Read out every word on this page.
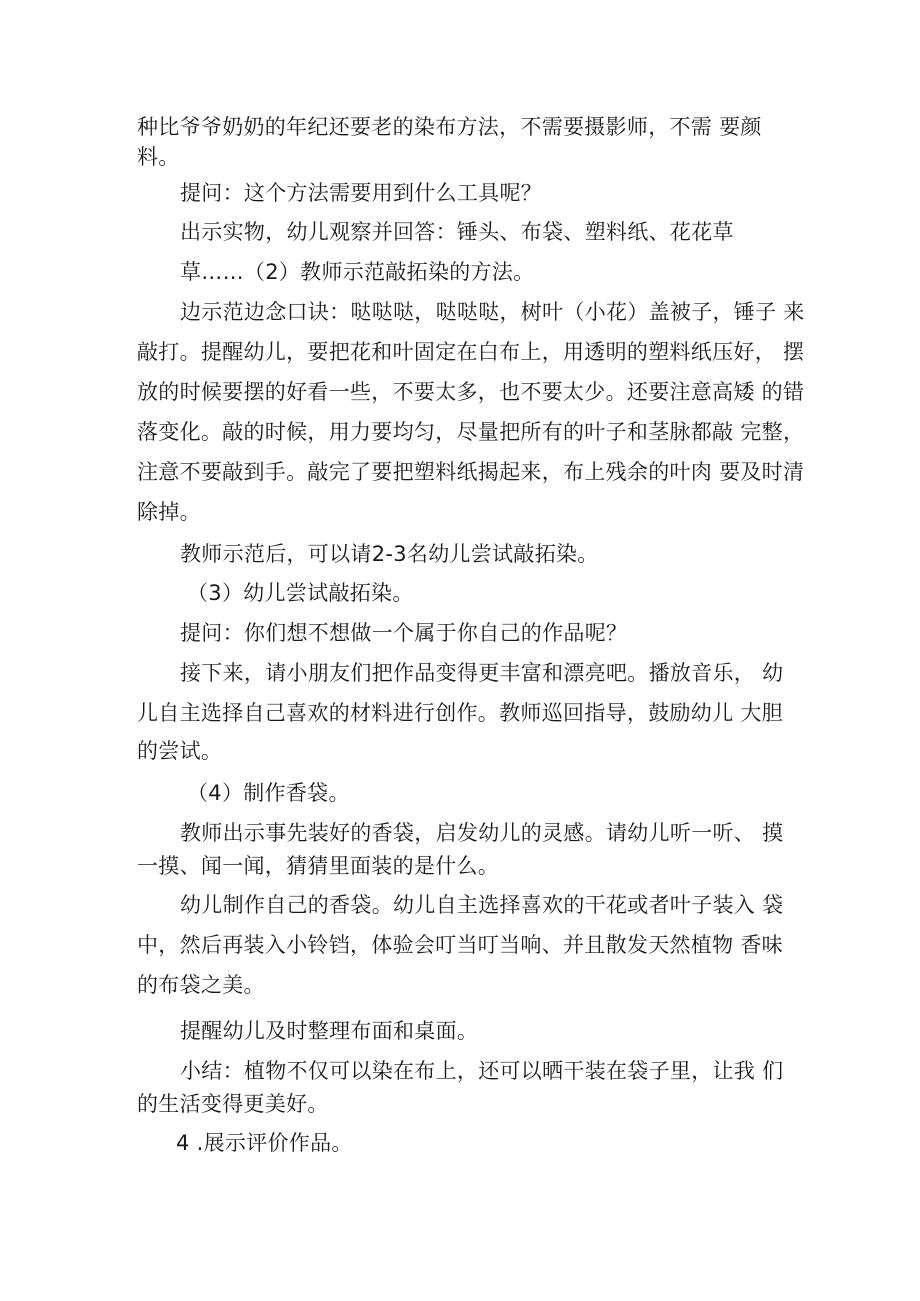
种比爷爷奶奶的年纪还要老的染布方法，不需要摄影师，不需 要颜
料。
提问：这个方法需要用到什么工具呢？
出示实物，幼儿观察并回答：锤头、布袋、塑料纸、花花草
草……（2）教师示范敲拓染的方法。
边示范边念口诀：哒哒哒，哒哒哒，树叶（小花）盖被子，锤子 来
敲打。提醒幼儿，要把花和叶固定在白布上，用透明的塑料纸压好， 摆
放的时候要摆的好看一些，不要太多，也不要太少。还要注意高矮 的错
落变化。敲的时候，用力要均匀，尽量把所有的叶子和茎脉都敲 完整，
注意不要敲到手。敲完了要把塑料纸揭起来，布上残余的叶肉 要及时清
除掉。
教师示范后，可以请2-3名幼儿尝试敲拓染。
（3）幼儿尝试敲拓染。
提问：你们想不想做一个属于你自己的作品呢？
接下来，请小朋友们把作品变得更丰富和漂亮吧。播放音乐， 幼
儿自主选择自己喜欢的材料进行创作。教师巡回指导，鼓励幼儿 大胆
的尝试。
（4）制作香袋。
教师出示事先装好的香袋，启发幼儿的灵感。请幼儿听一听、 摸
一摸、闻一闻，猜猜里面装的是什么。
幼儿制作自己的香袋。幼儿自主选择喜欢的干花或者叶子装入 袋
中，然后再装入小铃铛，体验会叮当叮当响、并且散发天然植物 香味
的布袋之美。
提醒幼儿及时整理布面和桌面。
小结：植物不仅可以染在布上，还可以晒干装在袋子里，让我 们
的生活变得更美好。
4 .展示评价作品。
